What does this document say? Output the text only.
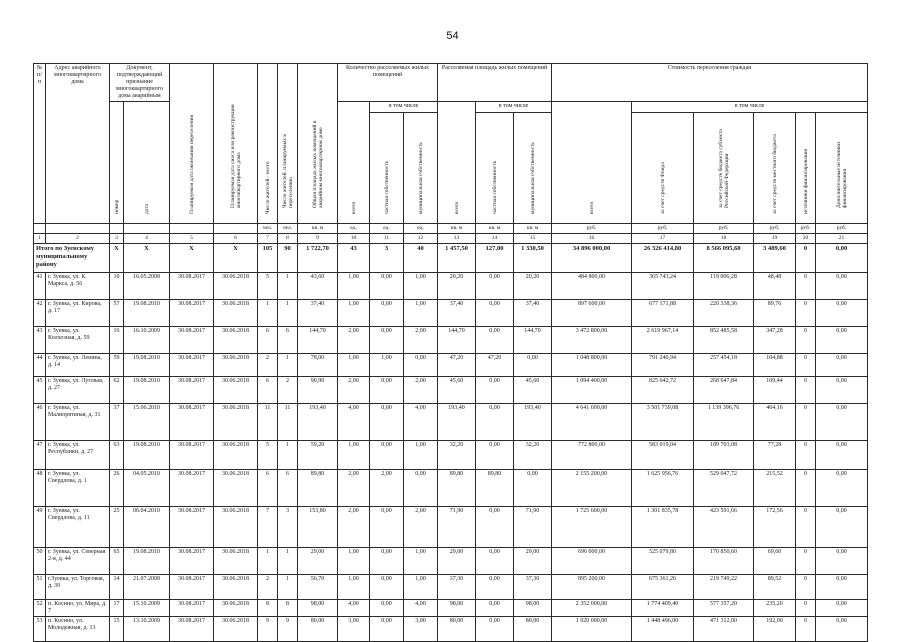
54
№ п/п	Адрес аварийного многоквартирного дома	Документ, подтверждающий признание многоквартирного дома аварийным		Планируемая дата окончания переселения	Планируемая дата сноса или реконструкции многоквартирного дома	Число жителей - всего	Число жителей, планируемых к переселению	Общая площадь жилых помещений в аварийном многоквартирном доме	Количество расселяемых жилых помещений			Расселяемая площадь жилых помещений			Стоимость переселения граждан					

		номер	дата						всего	в том числе		всего	в том числе		всего	в том числе				

										частная собственность	муниципальная собственность		частная собственность	муниципальная собственность		за счет средств Фонда	за счет средств бюджета субъекта Российской Федерации	за счет средств местного бюджета	источники финансирования	Дополнительные источники финансирования

						чел.	чел.	кв. м	ед.	ед.	ед.	кв. м	кв. м	кв. м	руб.	руб.	руб.	руб.	руб.	руб.
1	2	3	4	5	6	7	8	9	10	11	12	13	14	15	16	17	18	19	20	21
Итого по Зуевскому муниципальному району		X	X	X	X	105	90	1 722,70	43	3	40	1 457,50	127,00	1 330,50	34 896 000,00	26 326 414,80	8 566 095,60	3 489,60	0	0,00
41	г. Зуевка, ул. К. Маркса, д. 56	10	16.05.2008	30.08.2017	30.06.2018	5	1	43,60	1,00	0,00	1,00	20,20	0,00	20,20	484 800,00	365 743,24	119 006,28	48,48	0	0,00
42	г. Зуевка, ул. Кирова, д. 17	57	19.08.2010	30.08.2017	30.06.2018	1	1	37,40	1,00	0,00	1,00	37,40	0,00	37,40	897 600,00	677 171,88	220 338,36	89,76	0	0,00
43	г. Зуевка, ул. Колхозная, д. 59	16	16.10.2009	30.08.2017	30.06.2018	6	6	144,70	2,00	0,00	2,00	144,70	0,00	144,70	3 472 800,00	2 619 967,14	852 485,58	347,28	0	0,00
44	г. Зуевка, ул. Ленина, д. 14	59	19.08.2010	30.08.2017	30.06.2018	2	1	78,00	1,00	1,00	0,00	47,20	47,20	0,00	1 048 800,00	791 240,94	257 454,18	104,88	0	0,00
45	г. Зуевка, ул. Луговая, д. 27	62	19.08.2010	30.08.2017	30.06.2018	6	2	90,90	2,00	0,00	2,00	45,60	0,00	45,60	1 094 400,00	825 642,72	268 647,84	109,44	0	0,00
46	г. Зуевка, ул. Малиорятиная, д. 31	37	15.06.2010	30.08.2017	30.06.2018	11	11	193,40	4,00	0,00	4,00	193,40	0,00	193,40	4 641 600,00	3 501 739,08	1 139 396,76	464,16	0	0,00
47	г. Зуевка, ул. Республики, д. 27	63	19.08.2010	30.08.2017	30.06.2018	5	1	59,20	1,00	0,00	1,00	32,20	0,00	32,20	772 800,00	583 019,04	189 703,08	77,28	0	0,00
48	г. Зуевка, ул. Свердлова, д. 1	26	04.05.2010	30.08.2017	30.06.2018	6	6	89,80	2,00	2,00	0,00	89,80	89,80	0,00	2 155 200,00	1 625 956,76	529 047,72	215,52	0	0,00
49	г. Зуевка, ул. Свердлова, д. 11	25	06.04.2010	30.08.2017	30.06.2018	7	3	153,80	2,00	0,00	2,00	71,90	0,00	71,90	1 725 600,00	1 301 835,78	423 591,66	172,56	0	0,00
50	г. Зуевка, ул. Северная 2-я, д. 44	65	19.08.2010	30.08.2017	30.06.2018	1	1	29,00	1,00	0,00	1,00	29,00	0,00	29,00	696 000,00	525 079,80	170 850,60	69,60	0	0,00
51	г.Зуевка, ул. Торговая, д. 39	14	21.07.2008	30.08.2017	30.06.2018	2	1	56,70	1,00	0,00	1,00	37,30	0,00	37,30	895 200,00	675 361,26	219 749,22	89,52	0	0,00
52	п. Косино, ул. Мира, д. 7	17	15.10.2009	30.08.2017	30.06.2018	8	8	98,00	4,00	0,00	4,00	98,00	0,00	98,00	2 352 000,00	1 774 409,40	577 357,20	235,20	0	0,00
53	п. Косино, ул. Молодежная, д. 13	15	13.10.2009	30.08.2017	30.06.2018	9	9	80,00	3,00	0,00	3,00	80,00	0,00	80,00	1 920 000,00	1 448 496,00	471 312,00	192,00	0	0,00
